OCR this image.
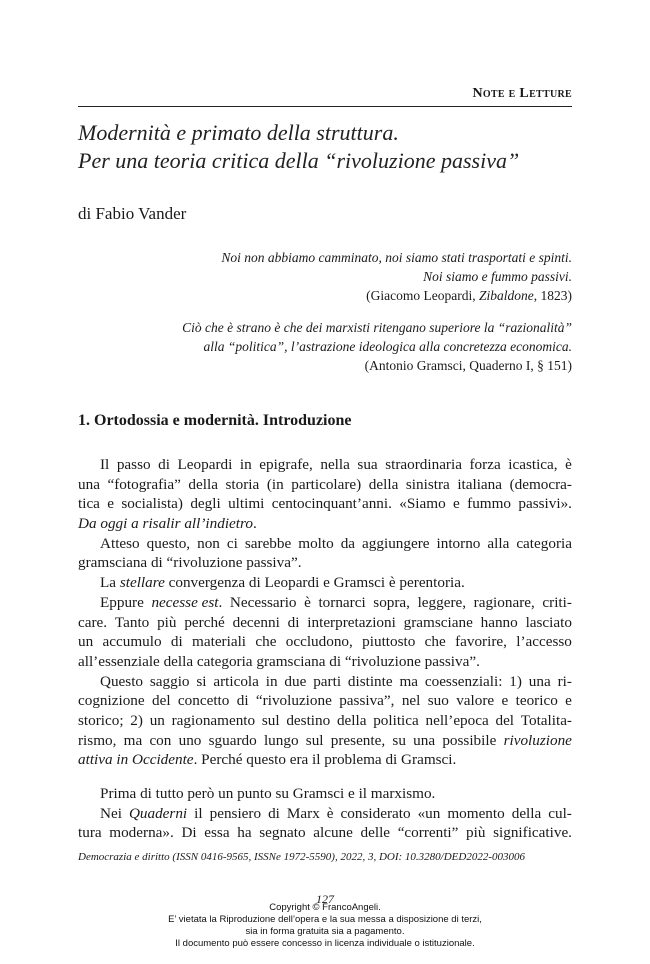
Note e Letture
Modernità e primato della struttura.
Per una teoria critica della “rivoluzione passiva”
di Fabio Vander
Noi non abbiamo camminato, noi siamo stati trasportati e spinti.
Noi siamo e fummo passivi.
(Giacomo Leopardi, Zibaldone, 1823)
Ciò che è strano è che dei marxisti ritengano superiore la “razionalità”
alla “politica”, l’astrazione ideologica alla concretezza economica.
(Antonio Gramsci, Quaderno I, § 151)
1. Ortodossia e modernità. Introduzione
Il passo di Leopardi in epigrafe, nella sua straordinaria forza icastica, è
una “fotografia” della storia (in particolare) della sinistra italiana (democra-
tica e socialista) degli ultimi centocinquant’anni. «Siamo e fummo passivi».
Da oggi a risalir all’indietro .
Atteso questo, non ci sarebbe molto da aggiungere intorno alla categoria
gramsciana di “rivoluzione passiva”.
La stellare convergenza di Leopardi e Gramsci è perentoria.
Eppure necesse est. Necessario è tornarci sopra, leggere, ragionare, criti-
care. Tanto più perché decenni di interpretazioni gramsciane hanno lasciato
un accumulo di materiali che occludono, piuttosto che favorire, l’accesso
all’essenziale della categoria gramsciana di “rivoluzione passiva”.
Questo saggio si articola in due parti distinte ma coessenziali: 1) una ri-
cognizione del concetto di “rivoluzione passiva”, nel suo valore e teorico e
storico; 2) un ragionamento sul destino della politica nell’epoca del Totalita-
rismo, ma con uno sguardo lungo sul presente, su una possibile rivoluzione
attiva in Occidente . Perché questo era il problema di Gramsci.
Prima di tutto però un punto su Gramsci e il marxismo.
Nei Quaderni il pensiero di Marx è considerato «un momento della cul-
tura moderna». Di essa ha segnato alcune delle “correnti” più significative.
Democrazia e diritto (ISSN 0416-9565, ISSNe 1972-5590), 2022, 3, DOI: 10.3280/DED2022-003006
127
Copyright © FrancoAngeli.
E’ vietata la Riproduzione dell’opera e la sua messa a disposizione di terzi,
sia in forma gratuita sia a pagamento.
Il documento può essere concesso in licenza individuale o istituzionale.
